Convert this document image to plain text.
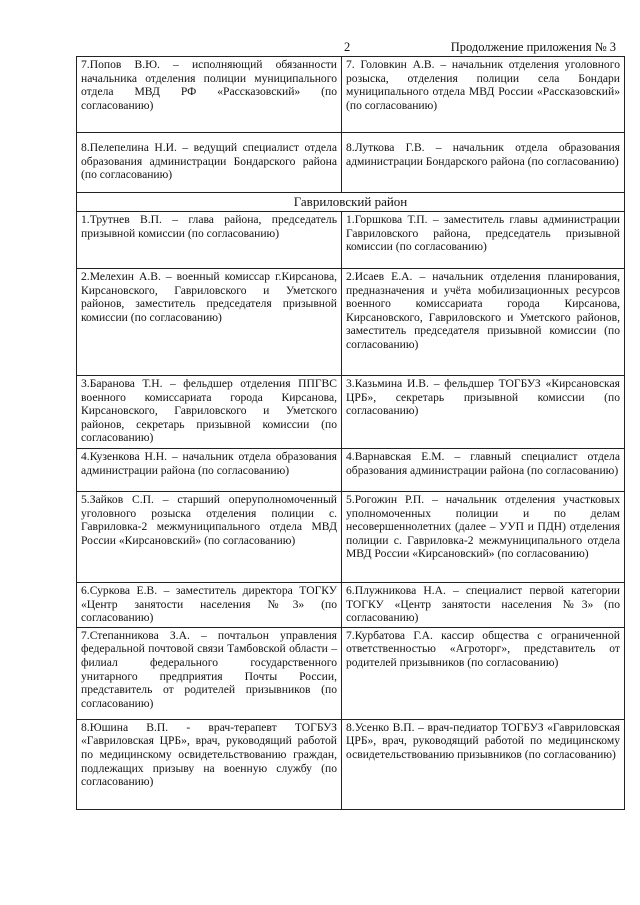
2	Продолжение приложения № 3
7.Попов В.Ю. – исполняющий обязанности начальника отделения полиции муниципального отдела МВД РФ «Рассказовский» (по согласованию)	7. Головкин А.В. – начальник отделения уголовного розыска, отделения полиции села Бондари муниципального отдела МВД России «Рассказовский» (по согласованию)
8.Пелепелина Н.И. – ведущий специалист отдела образования администрации Бондарского района (по согласованию)	8.Луткова Г.В. – начальник отдела образования администрации Бондарского района (по согласованию)
Гавриловский район	
1.Трутнев В.П. – глава района, председатель призывной комиссии (по согласованию)	1.Горшкова Т.П. – заместитель главы администрации Гавриловского района, председатель призывной комиссии (по согласованию)
2.Мелехин А.В. – военный комиссар г.Кирсанова, Кирсановского, Гавриловского и Уметского районов, заместитель председателя призывной комиссии (по согласованию)	2.Исаев Е.А. – начальник отделения планирования, предназначения и учёта мобилизационных ресурсов военного комиссариата города Кирсанова, Кирсановского, Гавриловского и Уметского районов, заместитель председателя призывной комиссии (по согласованию)
3.Баранова Т.Н. – фельдшер отделения ППГВС военного комиссариата города Кирсанова, Кирсановского, Гавриловского и Уметского районов, секретарь призывной комиссии (по согласованию)	3.Казьмина И.В. – фельдшер ТОГБУЗ «Кирсановская ЦРБ», секретарь призывной комиссии (по согласованию)
4.Кузенкова Н.Н. – начальник отдела образования администрации района (по согласованию)	4.Варнавская Е.М. – главный специалист отдела образования администрации района (по согласованию)
5.Зайков С.П. – старший оперуполномоченный уголовного розыска отделения полиции с. Гавриловка-2 межмуниципального отдела МВД России «Кирсановский» (по согласованию)	5.Рогожин Р.П. – начальник отделения участковых уполномоченных полиции и по делам несовершеннолетних (далее – УУП и ПДН) отделения полиции с. Гавриловка-2 межмуниципального отдела МВД России «Кирсановский» (по согласованию)
6.Суркова Е.В. – заместитель директора ТОГКУ «Центр занятости населения №3» (по согласованию)	6.Плужникова Н.А. – специалист первой категории ТОГКУ «Центр занятости населения №3» (по согласованию)
7.Степанникова З.А. – почтальон управления федеральной почтовой связи Тамбовской области – филиал федерального государственного унитарного предприятия Почты России, представитель от родителей призывников (по согласованию)	7.Курбатова Г.А. кассир общества с ограниченной ответственностью «Агроторг», представитель от родителей призывников (по согласованию)
8.Юшина В.П. - врач-терапевт ТОГБУЗ «Гавриловская ЦРБ», врач, руководящий работой по медицинскому освидетельствованию граждан, подлежащих призыву на военную службу (по согласованию)	8.Усенко В.П. – врач-педиатор ТОГБУЗ «Гавриловская ЦРБ», врач, руководящий работой по медицинскому освидетельствованию призывников (по согласованию)
